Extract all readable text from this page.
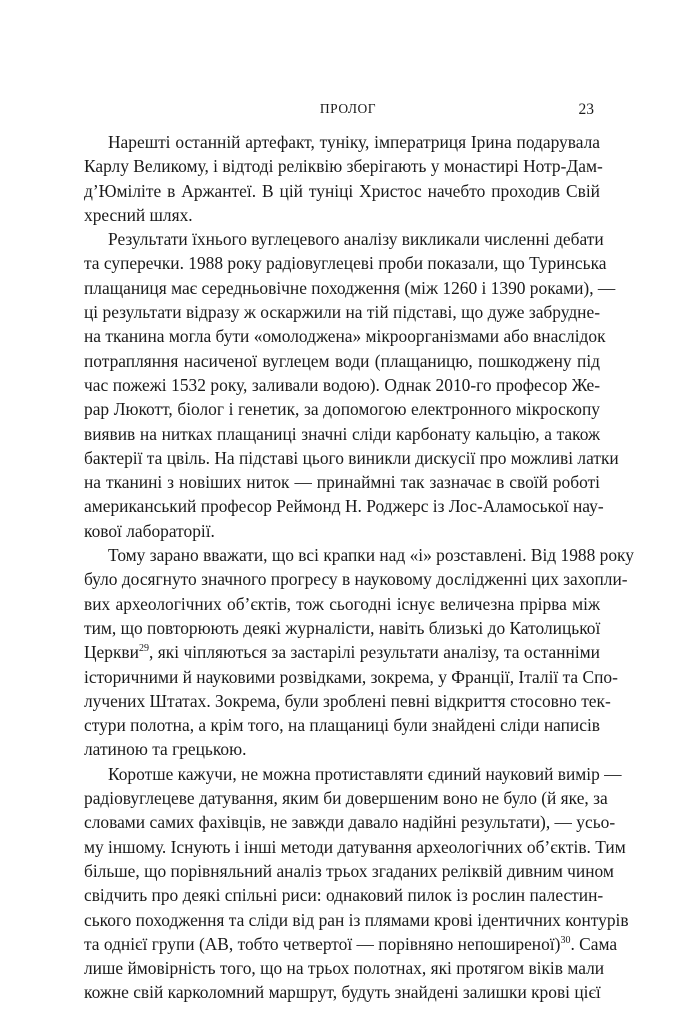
ПРОЛОГ	23

Нарешті останній артефакт, туніку, імператриця Ірина подарувала
Карлу Великому, і відтоді реліквію зберігають у монастирі Нотр-Дам-
д’Юміліте в Аржантеї. В цій туніці Христос начебто проходив Свій
хресний шлях.

Результати їхнього вуглецевого аналізу викликали численні дебати
та суперечки. 1988 року радіовуглецеві проби показали, що Туринська
плащаниця має середньовічне походження (між 1260 і 1390 роками), —
ці результати відразу ж оскаржили на тій підставі, що дуже забрудне-
на тканина могла бути «омолоджена» мікроорганізмами або внаслідок
потрапляння насиченої вуглецем води (плащаницю, пошкоджену під
час пожежі 1532 року, заливали водою). Однак 2010-го професор Же-
рар Люкотт, біолог і генетик, за допомогою електронного мікроскопу
виявив на нитках плащаниці значні сліди карбонату кальцію, а також
бактерії та цвіль. На підставі цього виникли дискусії про можливі латки
на тканині з новіших ниток — принаймні так зазначає в своїй роботі
американський професор Реймонд Н. Роджерс із Лос-Аламоської нау-
кової лабораторії.

Тому зарано вважати, що всі крапки над «і» розставлені. Від 1988 року
було досягнуто значного прогресу в науковому дослідженні цих захопли-
вих археологічних об’єктів, тож сьогодні існує величезна прірва між
тим, що повторюють деякі журналісти, навіть близькі до Католицької
Церкви$^{29}$, які чіпляються за застарілі результати аналізу, та останніми
історичними й науковими розвідками, зокрема, у Франції, Італії та Спо-
лучених Штатах. Зокрема, були зроблені певні відкриття стосовно тек-
стури полотна, а крім того, на плащаниці були знайдені сліди написів
латиною та грецькою.

Коротше кажучи, не можна протиставляти єдиний науковий вимір —
радіовуглецеве датування, яким би довершеним воно не було (й яке, за
словами самих фахівців, не завжди давало надійні результати), — усьо-
му іншому. Існують і інші методи датування археологічних об’єктів. Тим
більше, що порівняльний аналіз трьох згаданих реліквій дивним чином
свідчить про деякі спільні риси: однаковий пилок із рослин палестин-
ського походження та сліди від ран із плямами крові ідентичних контурів
та однієї групи (AB, тобто четвертої — порівняно непоширеної)$^{30}$. Сама
лише ймовірність того, що на трьох полотнах, які протягом віків мали
кожне свій карколомний маршрут, будуть знайдені залишки крові цієї
